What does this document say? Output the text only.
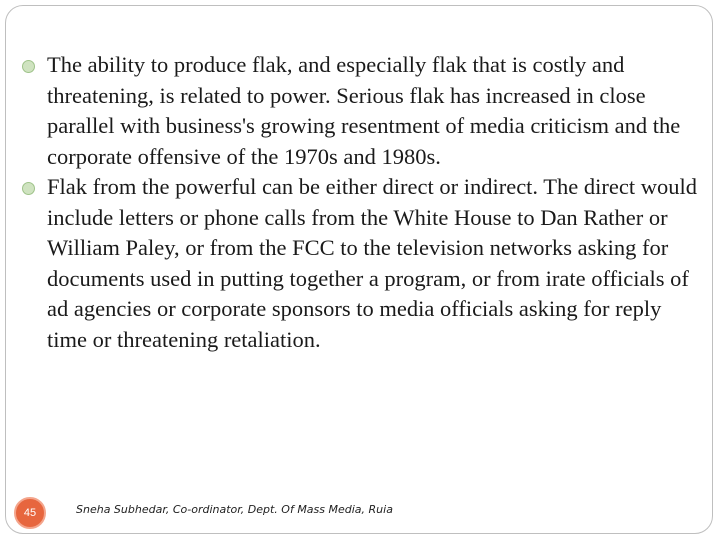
The ability to produce flak, and especially flak that is costly and threatening, is related to power. Serious flak has increased in close parallel with business's growing resentment of media criticism and the corporate offensive of the 1970s and 1980s.
Flak from the powerful can be either direct or indirect. The direct would include letters or phone calls from the White House to Dan Rather or William Paley, or from the FCC to the television networks asking for documents used in putting together a program, or from irate officials of ad agencies or corporate sponsors to media officials asking for reply time or threatening retaliation.
45	Sneha Subhedar, Co-ordinator, Dept. Of Mass Media, Ruia
